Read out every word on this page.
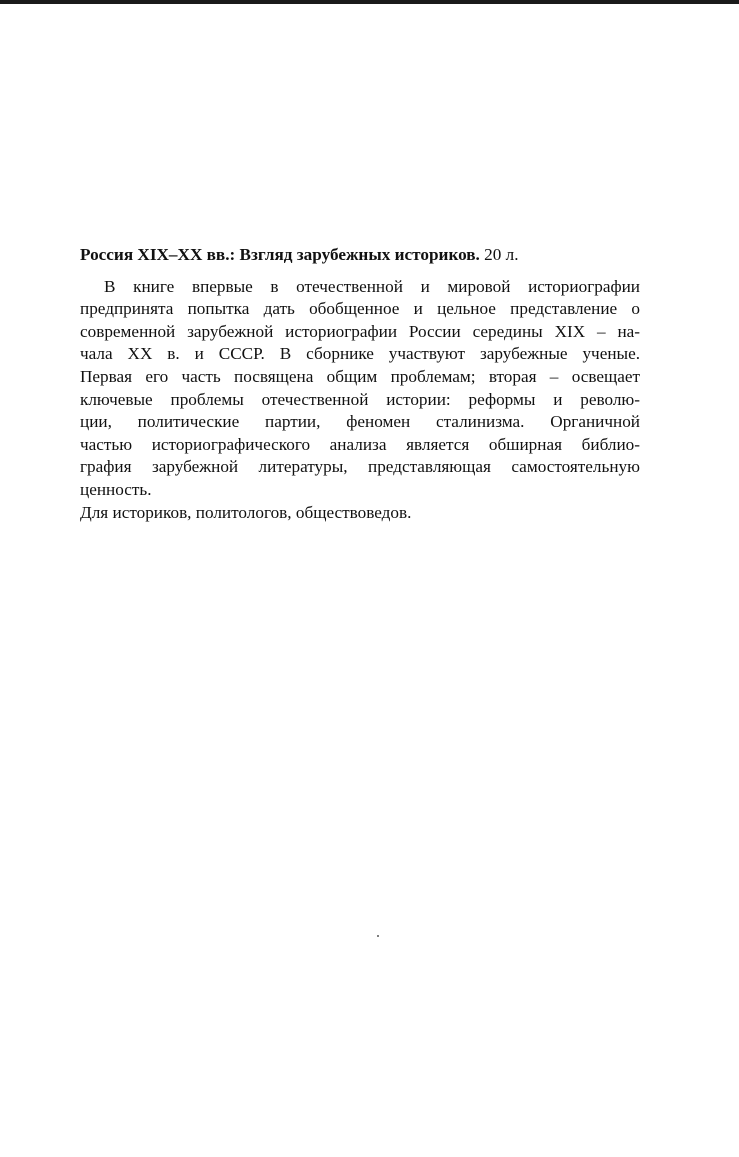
Россия XIX–XX вв.: Взгляд зарубежных историков. 20 л.

В книге впервые в отечественной и мировой историографии
предпринята попытка дать обобщенное и цельное представление о
современной зарубежной историографии России середины XIX – на-
чала XX в. и СССР. В сборнике участвуют зарубежные ученые.
Первая его часть посвящена общим проблемам; вторая – освещает
ключевые проблемы отечественной истории: реформы и револю-
ции, политические партии, феномен сталинизма. Органичной
частью историографического анализа является обширная библио-
графия зарубежной литературы, представляющая самостоятельную
ценность.

Для историков, политологов, обществоведов.
